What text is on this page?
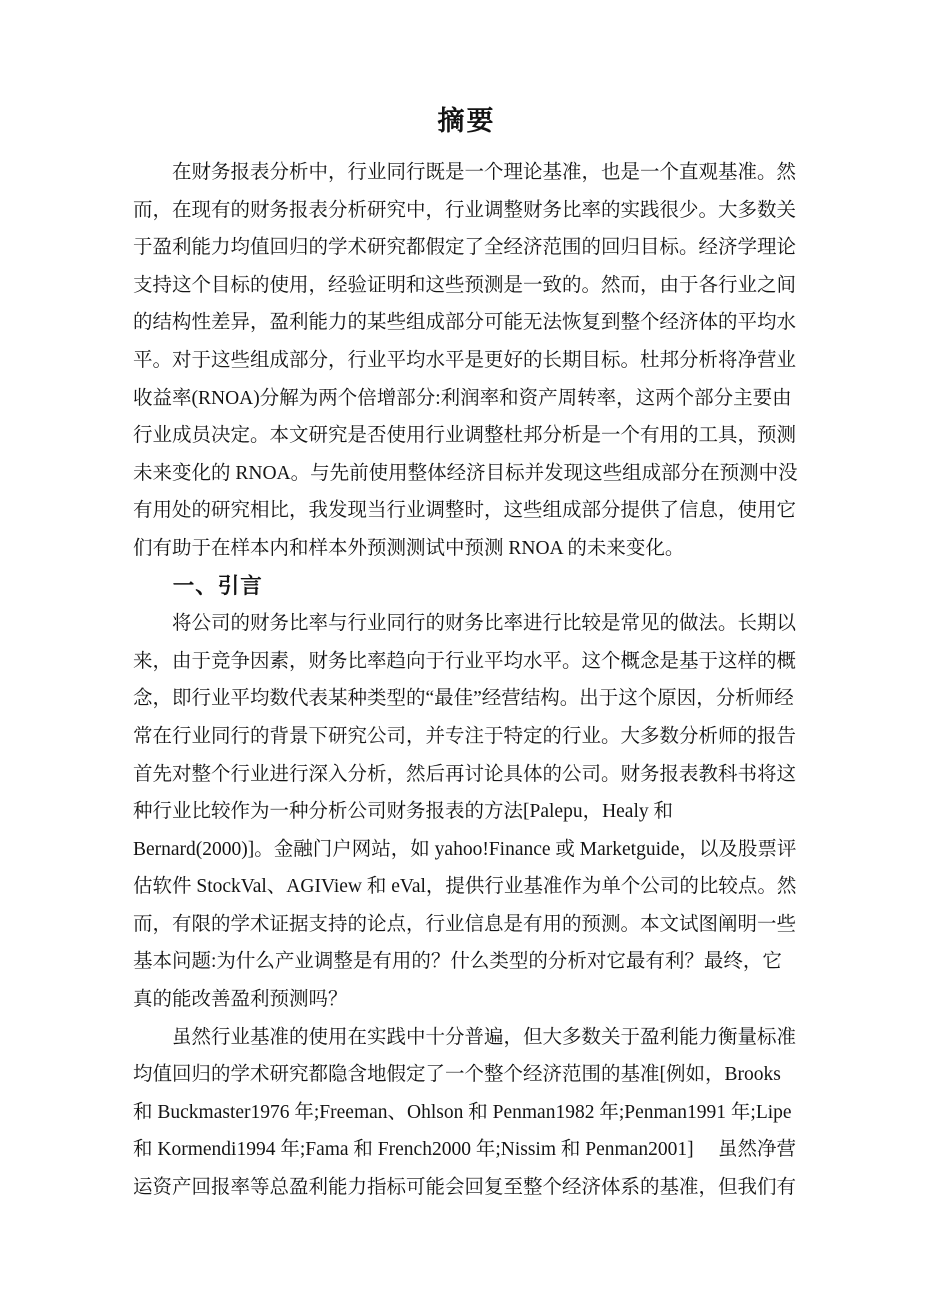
摘要

在财务报表分析中，行业同行既是一个理论基准，也是一个直观基准。然而，在现有的财务报表分析研究中，行业调整财务比率的实践很少。大多数关于盈利能力均值回归的学术研究都假定了全经济范围的回归目标。经济学理论支持这个目标的使用，经验证明和这些预测是一致的。然而，由于各行业之间的结构性差异，盈利能力的某些组成部分可能无法恢复到整个经济体的平均水平。对于这些组成部分，行业平均水平是更好的长期目标。杜邦分析将净营业收益率(RNOA)分解为两个倍增部分:利润率和资产周转率，这两个部分主要由行业成员决定。本文研究是否使用行业调整杜邦分析是一个有用的工具，预测未来变化的 RNOA。与先前使用整体经济目标并发现这些组成部分在预测中没有用处的研究相比，我发现当行业调整时，这些组成部分提供了信息，使用它们有助于在样本内和样本外预测测试中预测 RNOA 的未来变化。

一、引言

将公司的财务比率与行业同行的财务比率进行比较是常见的做法。长期以来，由于竞争因素，财务比率趋向于行业平均水平。这个概念是基于这样的概念，即行业平均数代表某种类型的“最佳”经营结构。出于这个原因，分析师经常在行业同行的背景下研究公司，并专注于特定的行业。大多数分析师的报告首先对整个行业进行深入分析，然后再讨论具体的公司。财务报表教科书将这种行业比较作为一种分析公司财务报表的方法[Palepu，Healy 和 Bernard(2000)]。金融门户网站，如 yahoo!Finance 或 Marketguide，以及股票评估软件 StockVal、AGIView 和 eVal，提供行业基准作为单个公司的比较点。然而，有限的学术证据支持的论点，行业信息是有用的预测。本文试图阐明一些基本问题:为什么产业调整是有用的？什么类型的分析对它最有利？最终，它真的能改善盈利预测吗？

虽然行业基准的使用在实践中十分普遍，但大多数关于盈利能力衡量标准均值回归的学术研究都隐含地假定了一个整个经济范围的基准[例如，Brooks 和 Buckmaster1976 年;Freeman、Ohlson 和 Penman1982 年;Penman1991 年;Lipe 和 Kormendi1994 年;Fama 和 French2000 年;Nissim 和 Penman2001]　 虽然净营运资产回报率等总盈利能力指标可能会回复至整个经济体系的基准，但我们有
